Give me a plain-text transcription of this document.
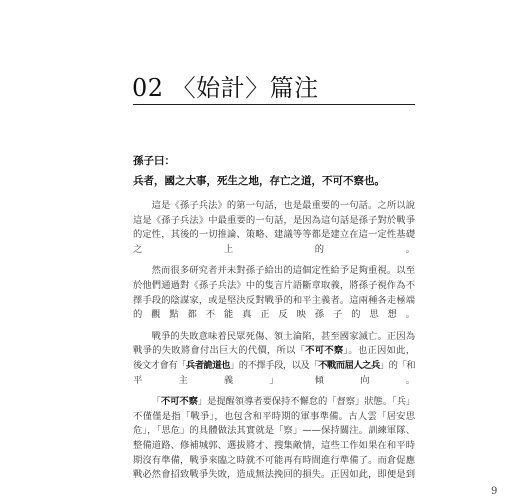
02 〈始計〉篇注
孫子曰：
兵者，國之大事，死生之地，存亡之道，不可不察也。
這是《孫子兵法》的第一句話，也是最重要的一句話。之所以說
這是《孫子兵法》中最重要的一句話，是因為這句話是孫子對於戰爭
的定性，其後的一切推論、策略、建議等等都是建立在這一定性基礎
之上的。
然而很多研究者并未對孫子給出的這個定性給予足夠重視。以至
於他們通過對《孫子兵法》中的隻言片語斷章取義，將孫子視作為不
擇手段的陰謀家，或是堅決反對戰爭的和平主義者。這兩種各走極端
的觀點都不能真正反映孫子的思想。
戰爭的失敗意味着民眾死傷、領土淪陷，甚至國家滅亡。正因為
戰爭的失敗將會付出巨大的代價，所以「不可不察」。也正因如此，
後文才會有「兵者詭道也」的不擇手段，以及「不戰而屈人之兵」的「和
平主義」傾向。
「不可不察」是提醒領導者要保持不懈怠的「督察」狀態。「兵」
不僅僅是指「戰爭」，也包含和平時期的軍事準備。古人雲「居安思
危」，「思危」的具體做法其實就是「察」——保持關注。訓練軍隊、
整備道路、修補城郭、選拔將才、搜集敵情，這些工作如果在和平時
期沒有準備，戰爭來臨之時就不可能再有時間進行準備了。而倉促應
戰必然會招致戰爭失敗，造成無法挽回的損失。正因如此，即便是到
9
